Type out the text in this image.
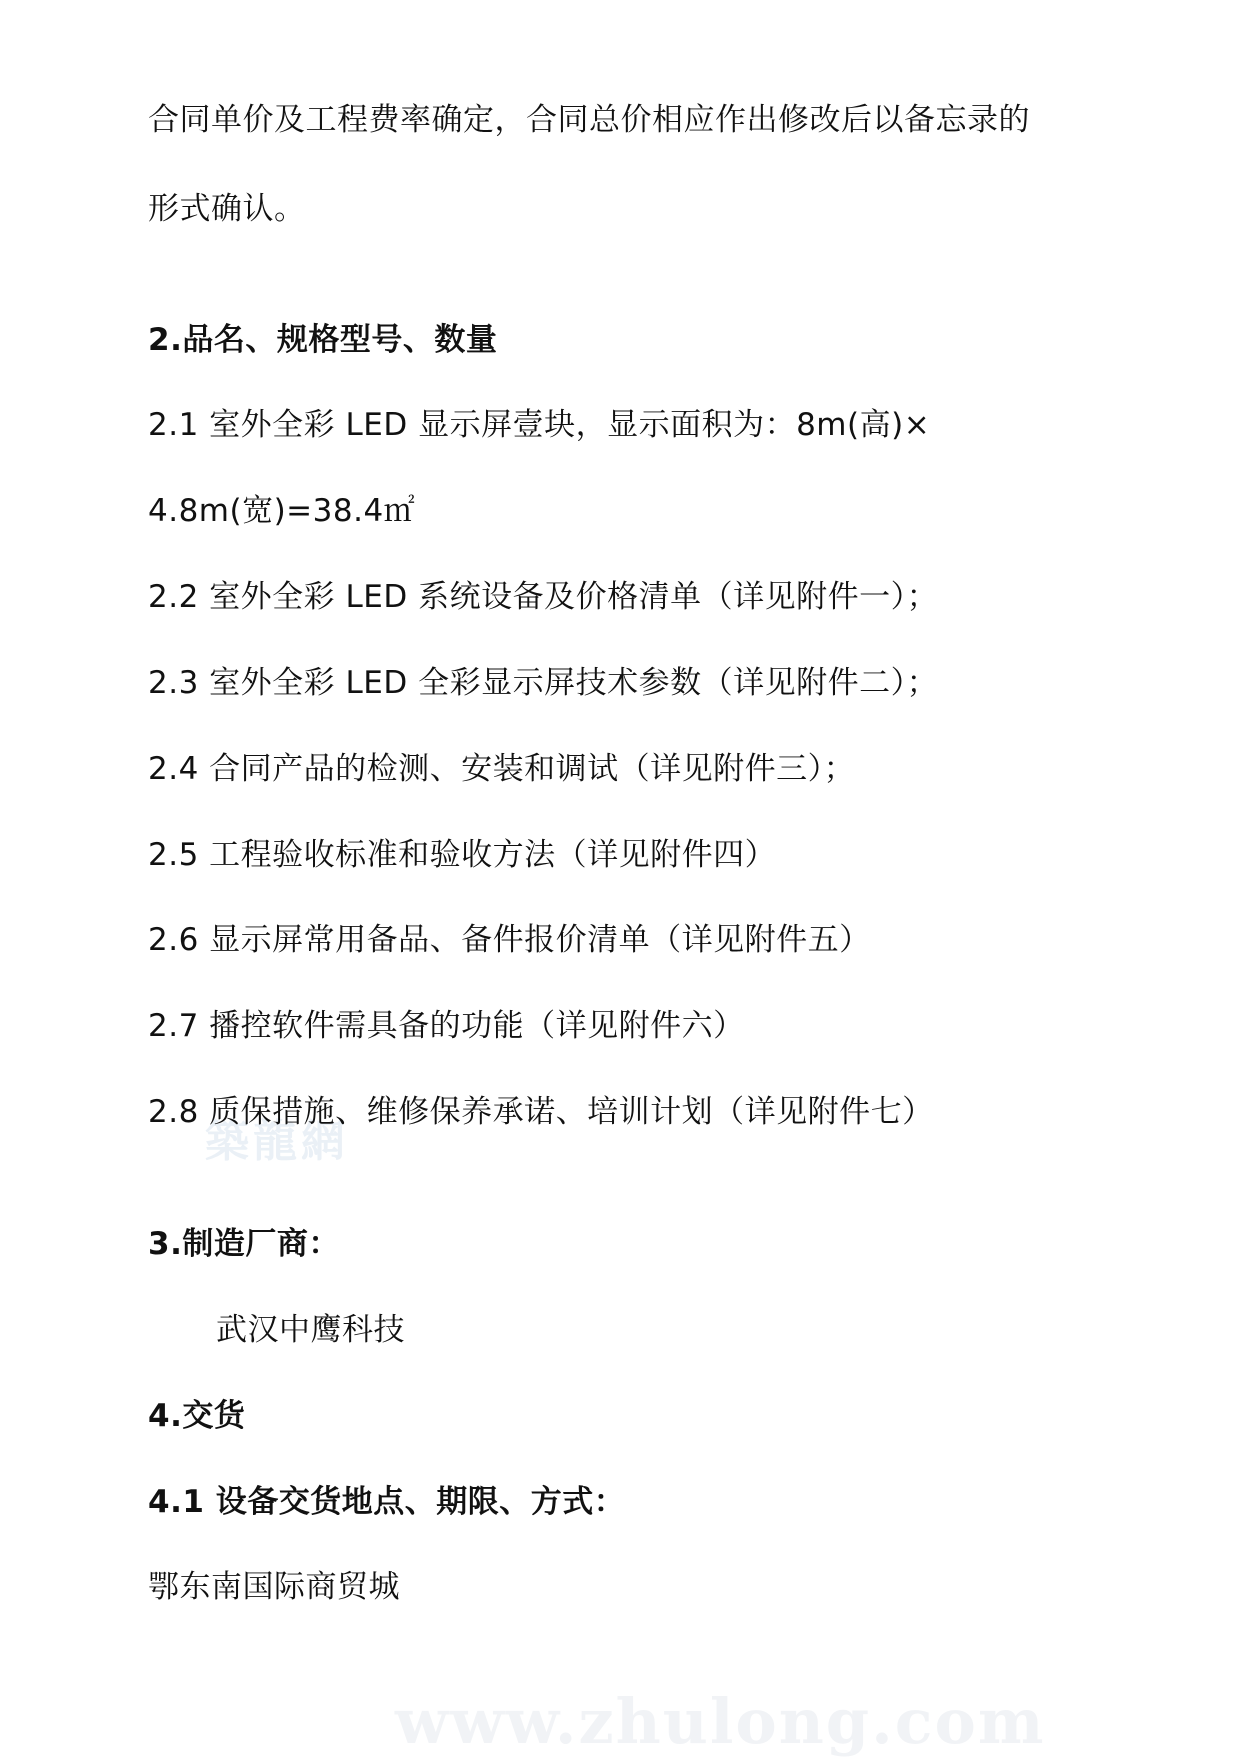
築龍網
www.zhulong.com
合同单价及工程费率确定，合同总价相应作出修改后以备忘录的
形式确认。
2.品名、规格型号、数量
2.1 室外全彩 LED 显示屏壹块，显示面积为：8m(高)×
4.8m(宽)=38.4㎡
2.2 室外全彩 LED 系统设备及价格清单（详见附件一）；
2.3 室外全彩 LED 全彩显示屏技术参数（详见附件二）；
2.4 合同产品的检测、安装和调试（详见附件三）；
2.5 工程验收标准和验收方法（详见附件四）
2.6 显示屏常用备品、备件报价清单（详见附件五）
2.7 播控软件需具备的功能（详见附件六）
2.8 质保措施、维修保养承诺、培训计划（详见附件七）
3.制造厂商：
武汉中鹰科技
4.交货
4.1 设备交货地点、期限、方式：
鄂东南国际商贸城
